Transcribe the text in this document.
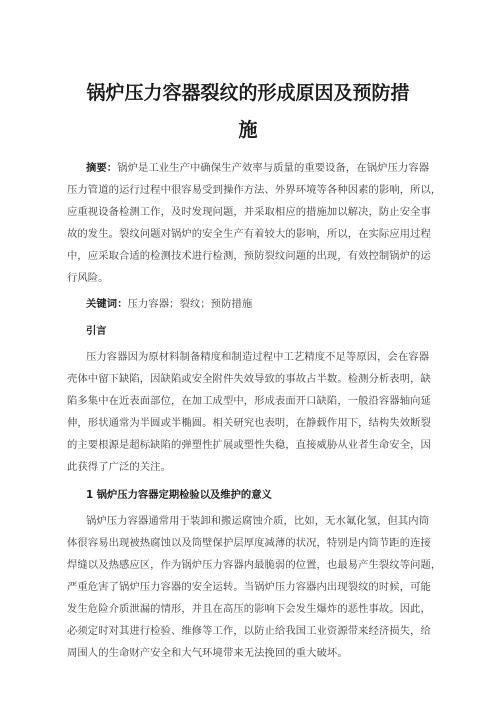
锅炉压力容器裂纹的形成原因及预防措
施
摘要：锅炉是工业生产中确保生产效率与质量的重要设备，在锅炉压力容器
压力管道的运行过程中很容易受到操作方法、外界环境等各种因素的影响，所以，
应重视设备检测工作，及时发现问题，并采取相应的措施加以解决，防止安全事
故的发生。裂纹问题对锅炉的安全生产有着较大的影响，所以，在实际应用过程
中，应采取合适的检测技术进行检测，预防裂纹问题的出现，有效控制锅炉的运
行风险。
关键词：压力容器；裂纹；预防措施
引言
压力容器因为原材料制备精度和制造过程中工艺精度不足等原因，会在容器
壳体中留下缺陷，因缺陷或安全附件失效导致的事故占半数。检测分析表明，缺
陷多集中在近表面部位，在加工成型中，形成表面开口缺陷，一般沿容器轴向延
伸，形状通常为半圆或半椭圆。相关研究也表明，在静载作用下，结构失效断裂
的主要根源是超标缺陷的弹塑性扩展或塑性失稳，直接威胁从业者生命安全，因
此获得了广泛的关注。
1 锅炉压力容器定期检验以及维护的意义
锅炉压力容器通常用于装卸和搬运腐蚀介质，比如，无水氟化氢，但其内筒
体很容易出现被热腐蚀以及筒壁保护层厚度减薄的状况，特别是内筒节距的连接
焊缝以及热感应区，作为锅炉压力容器内最脆弱的位置，也最易产生裂纹等问题，
严重危害了锅炉压力容器的安全运转。当锅炉压力容器内出现裂纹的时候，可能
发生危险介质泄漏的情形，并且在高压的影响下会发生爆炸的恶性事故。因此，
必须定时对其进行检验、维修等工作，以防止给我国工业资源带来经济损失，给
周围人的生命财产安全和大气环境带来无法挽回的重大破坏。
